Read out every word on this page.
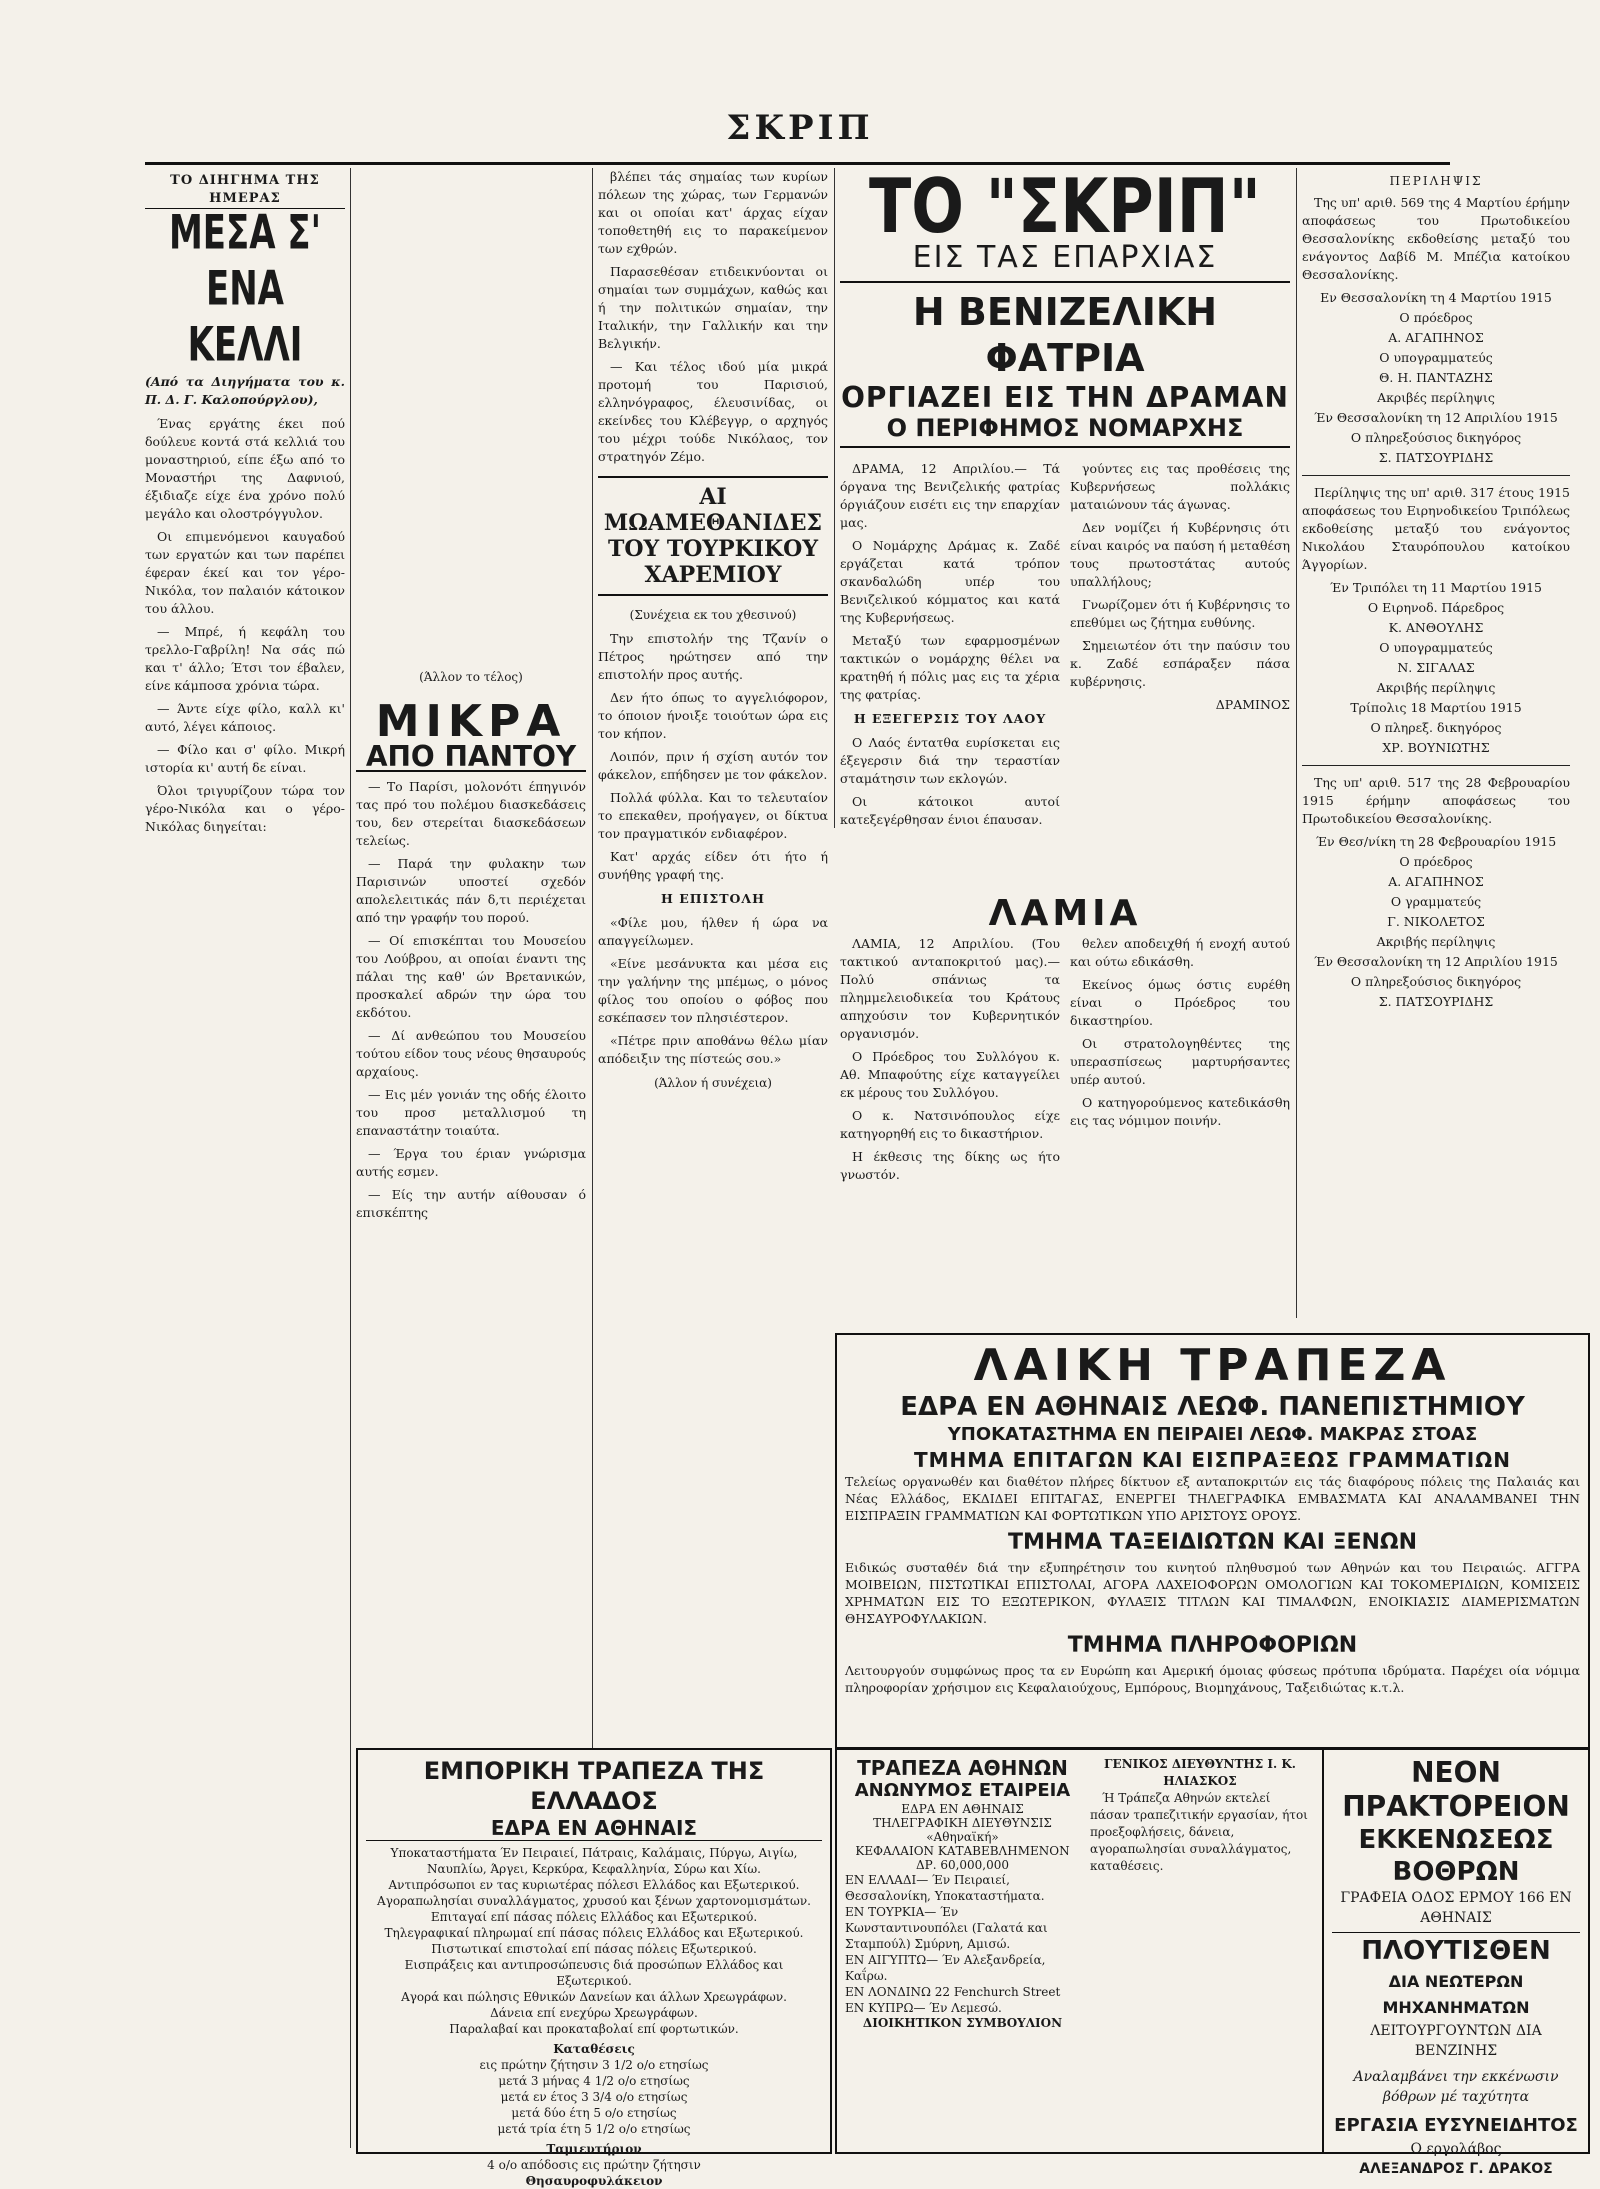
ΣΚΡΙΠ
ΤΟ ΔΙΗΓΗΜΑ ΤΗΣ ΗΜΕΡΑΣ
ΜΕΣΑ Σ' ΕΝΑ ΚΕΛΛΙ
(Από τα Διηγήματα του κ. Π. Δ. Γ. Καλοπούργλου),

Ένας εργάτης έκει πού δούλευε κοντά στά κελλιά του μοναστηριού, είπε έξω από το Μοναστήρι της Δαφνιού, έξιδιαζε είχε ένα χρόνο πολύ μεγάλο και ολοστρόγγυλον.

Οι επιμενόμενοι καυγαδού των εργατών και των παρέπει έφεραν έκεί και τον γέρο-Νικόλα, τον παλαιόν κάτοικον του άλλου.

— Μπρέ, ή κεφάλη του τρελλο-Γαβρίλη! Να σάς πώ και τ' άλλο; Έτσι τον έβαλεν, είνε κάμποσα χρόνια τώρα.

— Άντε είχε φίλο, καλλ κι' αυτό, λέγει κάποιος.

— Φίλο και σ' φίλο. Μικρή ιστορία κι' αυτή δε είναι.

Όλοι τριγυρίζουν τώρα τον γέρο-Νικόλα και ο γέρο-Νικόλας διηγείται:

(Άλλον το τέλος)
ΜΙΚΡΑ
ΑΠΟ ΠΑΝΤΟΥ

— Το Παρίσι, μολονότι έπηγινόν τας πρό του πολέμου διασκεδάσεις του, δεν στερείται διασκεδάσεων τελείως.

— Παρά την φυλακην των Παρισινών υποστεί σχεδόν απολελειτικάς πάν δ,τι περιέχεται από την γραφήν του πορού.

— Οί επισκέπται του Μουσείου του Λούβρου, αι οποίαι έναντι της πάλαι της καθ' ών Βρετανικών, προσκαλεί αδρών την ώρα του εκδότου.

— Δί ανθεώπου του Μουσείου τούτου είδον τους νέους θησαυρούς αρχαίους.

— Εις μέν γονιάν της οδής έλοιτο του προσ μεταλλισμού τη επαναστάτην τοιαύτα.

— Έργα του έριαν γνώρισμα αυτής εσμεν.

— Είς την αυτήν αίθουσαν ό επισκέπτης

βλέπει τάς σημαίας των κυρίων πόλεων της χώρας, των Γερμανών και οι οποίαι κατ' άρχας είχαν τοποθετηθή εις το παρακείμενον των εχθρών.

Παρασεθέσαν ετιδεικνύονται οι σημαίαι των συμμάχων, καθώς και ή την πολιτικών σημαίαν, την Ιταλικήν, την Γαλλικήν και την Βελγικήν.

— Και τέλος ιδού μία μικρά προτομή του Παρισιού, ελληνόγραφος, έλευσινίδας, οι εκείνδες του Κλέβεγγρ, ο αρχηγός του μέχρι τούδε Νικόλαος, τον στρατηγόν Ζέμο.

ΑΙ ΜΩΑΜΕΘΑΝΙΔΕΣ ΤΟΥ ΤΟΥΡΚΙΚΟΥ ΧΑΡΕΜΙΟΥ
(Συνέχεια εκ του χθεσινού)

Την επιστολήν της Τζανίν ο Πέτρος ηρώτησεν από την επιστολήν προς αυτής.

Δεν ήτο όπως το αγγελιόφορον, το όποιον ήνοιξε τοιούτων ώρα εις τον κήπον.

Λοιπόν, πριν ή σχίση αυτόν τον φάκελον, επήδησεν με τον φάκελον.

Πολλά φύλλα. Και το τελευταίον το επεκαθεν, προήγαγεν, οι δίκτυα τον πραγματικόν ενδιαφέρον.

Κατ' αρχάς είδεν ότι ήτο ή συνήθης γραφή της.

Η ΕΠΙΣΤΟΛΗ

«Φίλε μου, ήλθεν ή ώρα να απαγγείλωμεν.

«Είνε μεσάνυκτα και μέσα εις την γαλήνην της μπέμως, ο μόνος φίλος του οποίου ο φόβος που εσκέπασεν τον πλησιέστερον.

«Πέτρε πριν αποθάνω θέλω μίαν απόδειξιν της πίστεώς σου.»

(Άλλον ή συνέχεια)
ΕΜΠΟΡΙΚΗ ΤΡΑΠΕΖΑ ΤΗΣ ΕΛΛΑΔΟΣ
ΕΔΡΑ ΕΝ ΑΘΗΝΑΙΣ
Υποκαταστήματα Έν Πειραιεί, Πάτραις, Καλάμαις, Πύργω, Αιγίω, Ναυπλίω, Άργει, Κερκύρα, Κεφαλληνία, Σύρω και Χίω.
Αντιπρόσωποι εν τας κυριωτέρας πόλεσι Ελλάδος και Εξωτερικού.
Αγοραπωλησίαι συναλλάγματος, χρυσού και ξένων χαρτονομισμάτων.
Επιταγαί επί πάσας πόλεις Ελλάδος και Εξωτερικού.
Τηλεγραφικαί πληρωμαί επί πάσας πόλεις Ελλάδος και Εξωτερικού.
Πιστωτικαί επιστολαί επί πάσας πόλεις Εξωτερικού.
Εισπράξεις και αντιπροσώπευσις διά προσώπων Ελλάδος και Εξωτερικού.
Αγορά και πώλησις Εθνικών Δανείων και άλλων Χρεωγράφων.
Δάνεια επί ενεχύρω Χρεωγράφων.
Παραλαβαί και προκαταβολαί επί φορτωτικών.
Καταθέσεις
εις πρώτην ζήτησιν 3 1/2 ο/ο ετησίως
μετά 3 μήνας 4 1/2 ο/ο ετησίως
μετά εν έτος 3 3/4 ο/ο ετησίως
μετά δύο έτη 5 ο/ο ετησίως
μετά τρία έτη 5 1/2 ο/ο ετησίως
Ταμιευτήριον
4 ο/ο απόδοσις εις πρώτην ζήτησιν
Θησαυροφυλάκειον
ΤΟ "ΣΚΡΙΠ"
ΕΙΣ ΤΑΣ ΕΠΑΡΧΙΑΣ
Η ΒΕΝΙΖΕΛΙΚΗ ΦΑΤΡΙΑ
ΟΡΓΙΑΖΕΙ ΕΙΣ ΤΗΝ ΔΡΑΜΑΝ
Ο ΠΕΡΙΦΗΜΟΣ ΝΟΜΑΡΧΗΣ

ΔΡΑΜΑ, 12 Απριλίου.— Τά όργανα της Βενιζελικής φατρίας όργιάζουν εισέτι εις την επαρχίαν μας.

Ο Νομάρχης Δράμας κ. Ζαδέ εργάζεται κατά τρόπον σκανδαλώδη υπέρ του Βενιζελικού κόμματος και κατά της Κυβερνήσεως.

Μεταξύ των εφαρμοσμένων τακτικών ο νομάρχης θέλει να κρατηθή ή πόλις μας εις τα χέρια της φατρίας.

Η ΕΞΕΓΕΡΣΙΣ ΤΟΥ ΛΑΟΥ

Ο Λαός έντατθα ευρίσκεται εις έξεγερσιν διά την τεραστίαν σταμάτησιν των εκλογών.

Οι κάτοικοι αυτοί κατεξεγέρθησαν ένιοι έπαυσαν.

γούντες εις τας προθέσεις της Κυβερνήσεως πολλάκις ματαιώνουν τάς άγωνας.

Δεν νομίζει ή Κυβέρνησις ότι είναι καιρός να παύση ή μεταθέση τους πρωτοστάτας αυτούς υπαλλήλους;

Γνωρίζομεν ότι ή Κυβέρνησις το επεθύμει ως ζήτημα ευθύνης.

Σημειωτέον ότι την παύσιν του κ. Ζαδέ εσπάραξεν πάσα κυβέρνησις.

ΔΡΑΜΙΝΟΣ

ΛΑΜΙΑ

ΛΑΜΙΑ, 12 Απριλίου. (Του τακτικού ανταποκριτού μας).— Πολύ σπάνιως τα πλημμελειοδικεία του Κράτους απηχούσιν τον Κυβερνητικόν οργανισμόν.

Ο Πρόεδρος του Συλλόγου κ. Αθ. Μπαφούτης είχε καταγγείλει εκ μέρους του Συλλόγου.

Ο κ. Νατσινόπουλος είχε κατηγορηθή εις το δικαστήριον.

Η έκθεσις της δίκης ως ήτο γνωστόν.

θελεν αποδειχθή ή ενοχή αυτού και ούτω εδικάσθη.

Εκείνος όμως όστις ευρέθη είναι ο Πρόεδρος του δικαστηρίου.

Οι στρατολογηθέντες της υπερασπίσεως μαρτυρήσαντες υπέρ αυτού.

Ο κατηγορούμενος κατεδικάσθη εις τας νόμιμον ποινήν.

ΛΑΙΚΗ ΤΡΑΠΕΖΑ
ΕΔΡΑ ΕΝ ΑΘΗΝΑΙΣ ΛΕΩΦ. ΠΑΝΕΠΙΣΤΗΜΙΟΥ
ΥΠΟΚΑΤΑΣΤΗΜΑ ΕΝ ΠΕΙΡΑΙΕΙ ΛΕΩΦ. ΜΑΚΡΑΣ ΣΤΟΑΣ
ΤΜΗΜΑ ΕΠΙΤΑΓΩΝ ΚΑΙ ΕΙΣΠΡΑΞΕΩΣ ΓΡΑΜΜΑΤΙΩΝ
Τελείως οργανωθέν και διαθέτον πλήρες δίκτυον εξ ανταποκριτών εις τάς διαφόρους πόλεις της Παλαιάς και Νέας Ελλάδος, ΕΚΔΙΔΕΙ ΕΠΙΤΑΓΑΣ, ΕΝΕΡΓΕΙ ΤΗΛΕΓΡΑΦΙΚΑ ΕΜΒΑΣΜΑΤΑ ΚΑΙ ΑΝΑΛΑΜΒΑΝΕΙ ΤΗΝ ΕΙΣΠΡΑΞΙΝ ΓΡΑΜΜΑΤΙΩΝ ΚΑΙ ΦΟΡΤΩΤΙΚΩΝ ΥΠΟ ΑΡΙΣΤΟΥΣ ΟΡΟΥΣ.
ΤΜΗΜΑ ΤΑΞΕΙΔΙΩΤΩΝ ΚΑΙ ΞΕΝΩΝ
Ειδικώς συσταθέν διά την εξυπηρέτησιν του κινητού πληθυσμού των Αθηνών και του Πειραιώς. ΑΓΓΡΑ ΜΟΙΒΕΙΩΝ, ΠΙΣΤΩΤΙΚΑΙ ΕΠΙΣΤΟΛΑΙ, ΑΓΟΡΑ ΛΑΧΕΙΟΦΟΡΩΝ ΟΜΟΛΟΓΙΩΝ ΚΑΙ ΤΟΚΟΜΕΡΙΔΙΩΝ, ΚΟΜΙΣΕΙΣ ΧΡΗΜΑΤΩΝ ΕΙΣ ΤΟ ΕΞΩΤΕΡΙΚΟΝ, ΦΥΛΑΞΙΣ ΤΙΤΛΩΝ ΚΑΙ ΤΙΜΑΛΦΩΝ, ΕΝΟΙΚΙΑΣΙΣ ΔΙΑΜΕΡΙΣΜΑΤΩΝ ΘΗΣΑΥΡΟΦΥΛΑΚΙΩΝ.
ΤΜΗΜΑ ΠΛΗΡΟΦΟΡΙΩΝ
Λειτουργούν συμφώνως προς τα εν Ευρώπη και Αμερική όμοιας φύσεως πρότυπα ιδρύματα. Παρέχει οία νόμιμα πληροφορίαν χρήσιμον εις Κεφαλαιούχους, Εμπόρους, Βιομηχάνους, Ταξειδιώτας κ.τ.λ.
ΤΡΑΠΕΖΑ ΑΘΗΝΩΝ
ΑΝΩΝΥΜΟΣ ΕΤΑΙΡΕΙΑ
ΕΔΡΑ ΕΝ ΑΘΗΝΑΙΣ
ΤΗΛΕΓΡΑΦΙΚΗ ΔΙΕΥΘΥΝΣΙΣ «Αθηναϊκή»
ΚΕΦΑΛΑΙΟΝ ΚΑΤΑΒΕΒΛΗΜΕΝΟΝ ΔΡ. 60,000,000
ΕΝ ΕΛΛΑΔΙ— Έν Πειραιεί, Θεσσαλονίκη, Υποκαταστήματα.
ΕΝ ΤΟΥΡΚΙΑ— Έν Κωνσταντινουπόλει (Γαλατά και Σταμπούλ) Σμύρνη, Αμισώ.
ΕΝ ΑΙΓΥΠΤΩ— Έν Αλεξανδρεία, Καΐρω.
ΕΝ ΛΟΝΔΙΝΩ 22 Fenchurch Street
ΕΝ ΚΥΠΡΩ— Έν Λεμεσώ.
ΔΙΟΙΚΗΤΙΚΟΝ ΣΥΜΒΟΥΛΙΟΝ
ΓΕΝΙΚΟΣ ΔΙΕΥΘΥΝΤΗΣ Ι. Κ. ΗΛΙΑΣΚΟΣ

Ή Τράπεζα Αθηνών εκτελεί πάσαν τραπεζιτικήν εργασίαν, ήτοι προεξοφλήσεις, δάνεια, αγοραπωλησίαι συναλλάγματος, καταθέσεις.

ΠΕΡΙΛΗΨΙΣ

Της υπ' αριθ. 569 της 4 Μαρτίου έρήμην αποφάσεως του Πρωτοδικείου Θεσσαλονίκης εκδοθείσης μεταξύ του ενάγοντος Δαβίδ Μ. Μπέζια κατοίκου Θεσσαλονίκης.

Εν Θεσσαλονίκη τη 4 Μαρτίου 1915
Ο πρόεδρος
Α. ΑΓΑΠΗΝΟΣ
Ο υπογραμματεύς
Θ. Η. ΠΑΝΤΑΖΗΣ
Ακριβές περίληψις
Έν Θεσσαλονίκη τη 12 Απριλίου 1915
Ο πληρεξούσιος δικηγόρος
Σ. ΠΑΤΣΟΥΡΙΔΗΣ

Περίληψις της υπ' αριθ. 317 έτους 1915 αποφάσεως του Ειρηνοδικείου Τριπόλεως εκδοθείσης μεταξύ του ενάγοντος Νικολάου Σταυρόπουλου κατοίκου Άγγορίων.

Έν Τριπόλει τη 11 Μαρτίου 1915
Ο Ειρηνοδ. Πάρεδρος
Κ. ΑΝΘΟΥΛΗΣ
Ο υπογραμματεύς
Ν. ΣΙΓΑΛΑΣ
Ακριβής περίληψις
Τρίπολις 18 Μαρτίου 1915
Ο πληρεξ. δικηγόρος
ΧΡ. ΒΟΥΝΙΩΤΗΣ

Της υπ' αριθ. 517 της 28 Φεβρουαρίου 1915 έρήμην αποφάσεως του Πρωτοδικείου Θεσσαλονίκης.

Έν Θεσ/νίκη τη 28 Φεβρουαρίου 1915
Ο πρόεδρος
Α. ΑΓΑΠΗΝΟΣ
Ο γραμματεύς
Γ. ΝΙΚΟΛΕΤΟΣ
Ακριβής περίληψις
Έν Θεσσαλονίκη τη 12 Απριλίου 1915
Ο πληρεξούσιος δικηγόρος
Σ. ΠΑΤΣΟΥΡΙΔΗΣ
ΝΕΟΝ ΠΡΑΚΤΟΡΕΙΟΝ
ΕΚΚΕΝΩΣΕΩΣ ΒΟΘΡΩΝ
ΓΡΑΦΕΙΑ ΟΔΟΣ ΕΡΜΟΥ 166 ΕΝ ΑΘΗΝΑΙΣ
ΠΛΟΥΤΙΣΘΕΝ
ΔΙΑ ΝΕΩΤΕΡΩΝ ΜΗΧΑΝΗΜΑΤΩΝ
ΛΕΙΤΟΥΡΓΟΥΝΤΩΝ ΔΙΑ ΒΕΝΖΙΝΗΣ
Αναλαμβάνει την εκκένωσιν βόθρων μέ ταχύτητα
ΕΡΓΑΣΙΑ ΕΥΣΥΝΕΙΔΗΤΟΣ
Ο εργολάβος
ΑΛΕΞΑΝΔΡΟΣ Γ. ΔΡΑΚΟΣ
